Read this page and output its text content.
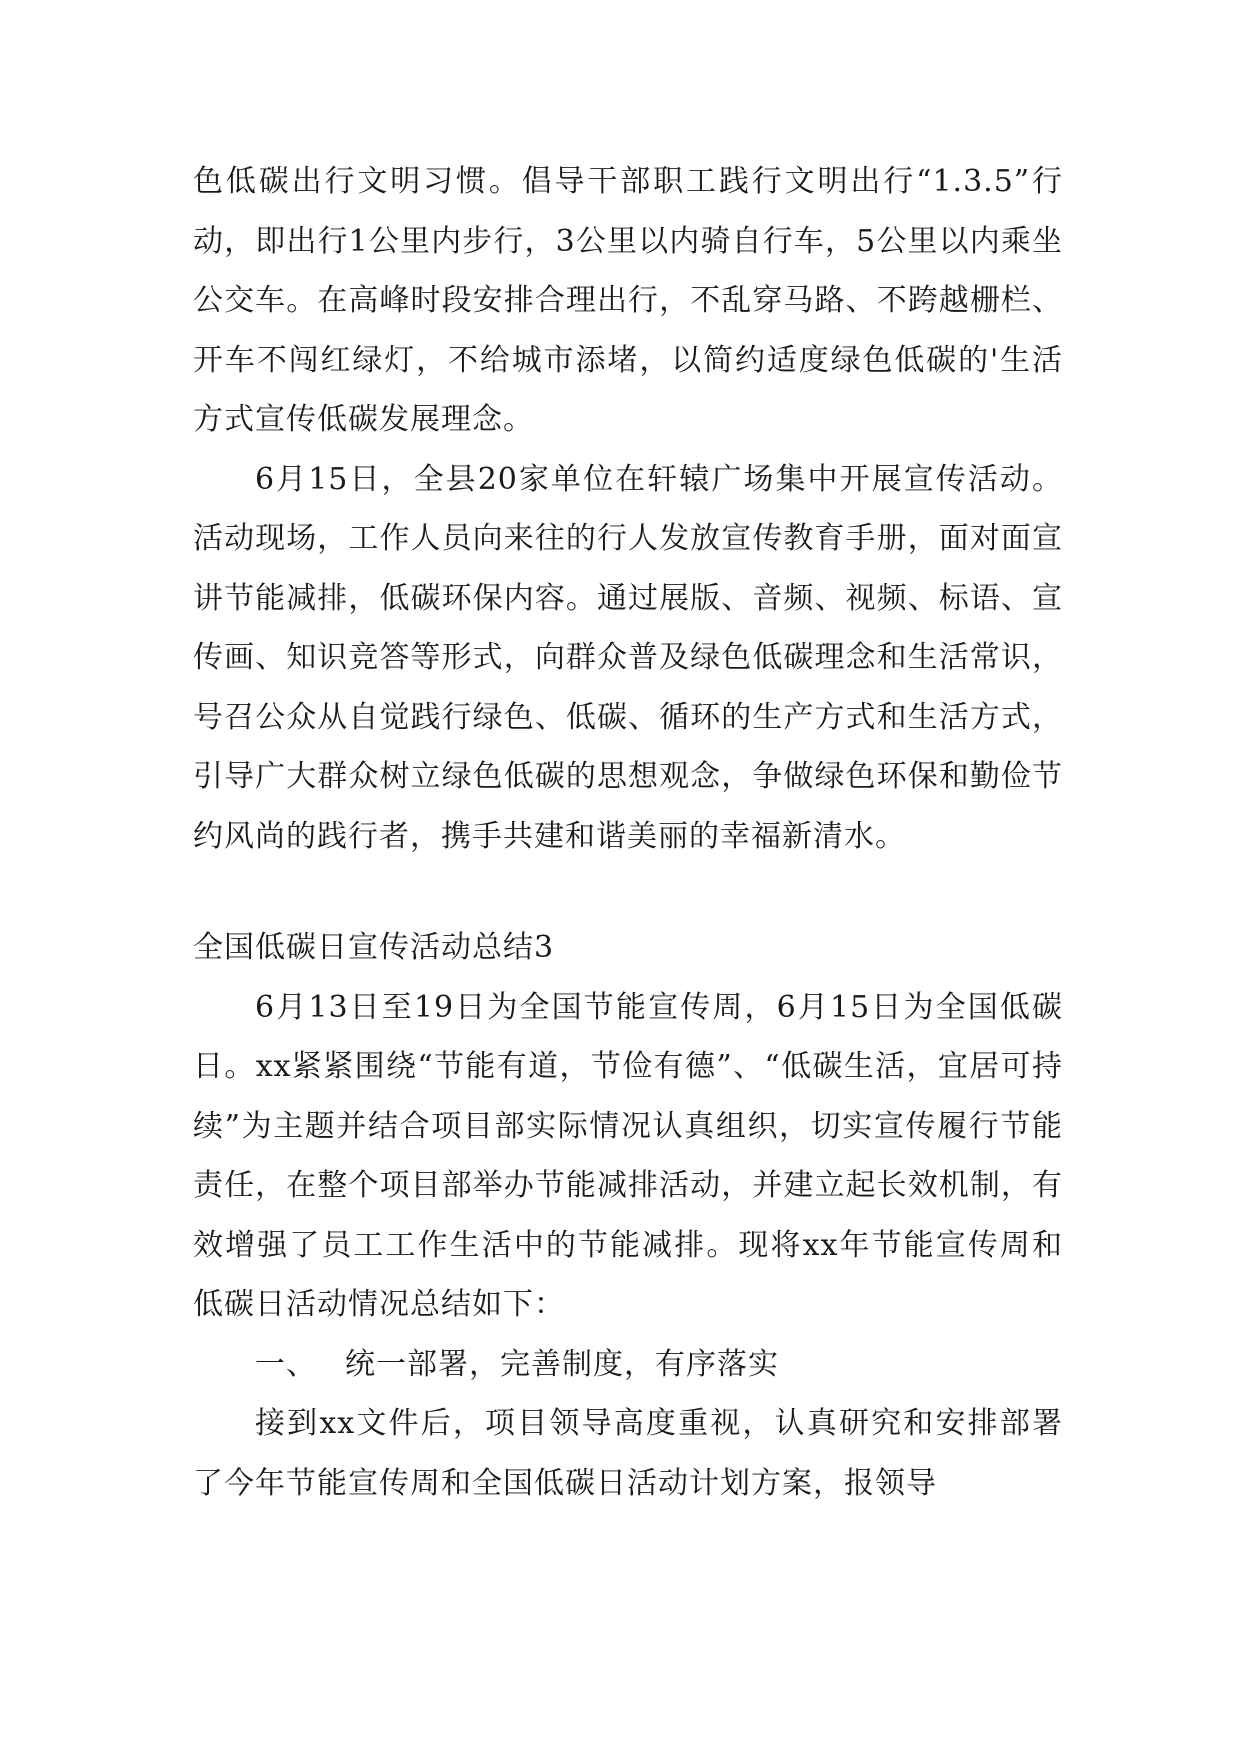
色低碳出行文明习惯。倡导干部职工践行文明出行“1.3.5”行动，即出行1公里内步行，3公里以内骑自行车，5公里以内乘坐公交车。在高峰时段安排合理出行，不乱穿马路、不跨越栅栏、开车不闯红绿灯，不给城市添堵，以简约适度绿色低碳的'生活方式宣传低碳发展理念。

6月15日，全县20家单位在轩辕广场集中开展宣传活动。活动现场，工作人员向来往的行人发放宣传教育手册，面对面宣讲节能减排，低碳环保内容。通过展版、音频、视频、标语、宣传画、知识竞答等形式，向群众普及绿色低碳理念和生活常识，号召公众从自觉践行绿色、低碳、循环的生产方式和生活方式，引导广大群众树立绿色低碳的思想观念，争做绿色环保和勤俭节约风尚的践行者，携手共建和谐美丽的幸福新清水。

全国低碳日宣传活动总结3

6月13日至19日为全国节能宣传周，6月15日为全国低碳日。xx紧紧围绕“节能有道，节俭有德”、“低碳生活，宜居可持续”为主题并结合项目部实际情况认真组织，切实宣传履行节能责任，在整个项目部举办节能减排活动，并建立起长效机制，有效增强了员工工作生活中的节能减排。现将xx年节能宣传周和低碳日活动情况总结如下：

一、 统一部署，完善制度，有序落实

接到xx文件后，项目领导高度重视，认真研究和安排部署了今年节能宣传周和全国低碳日活动计划方案，报领导
